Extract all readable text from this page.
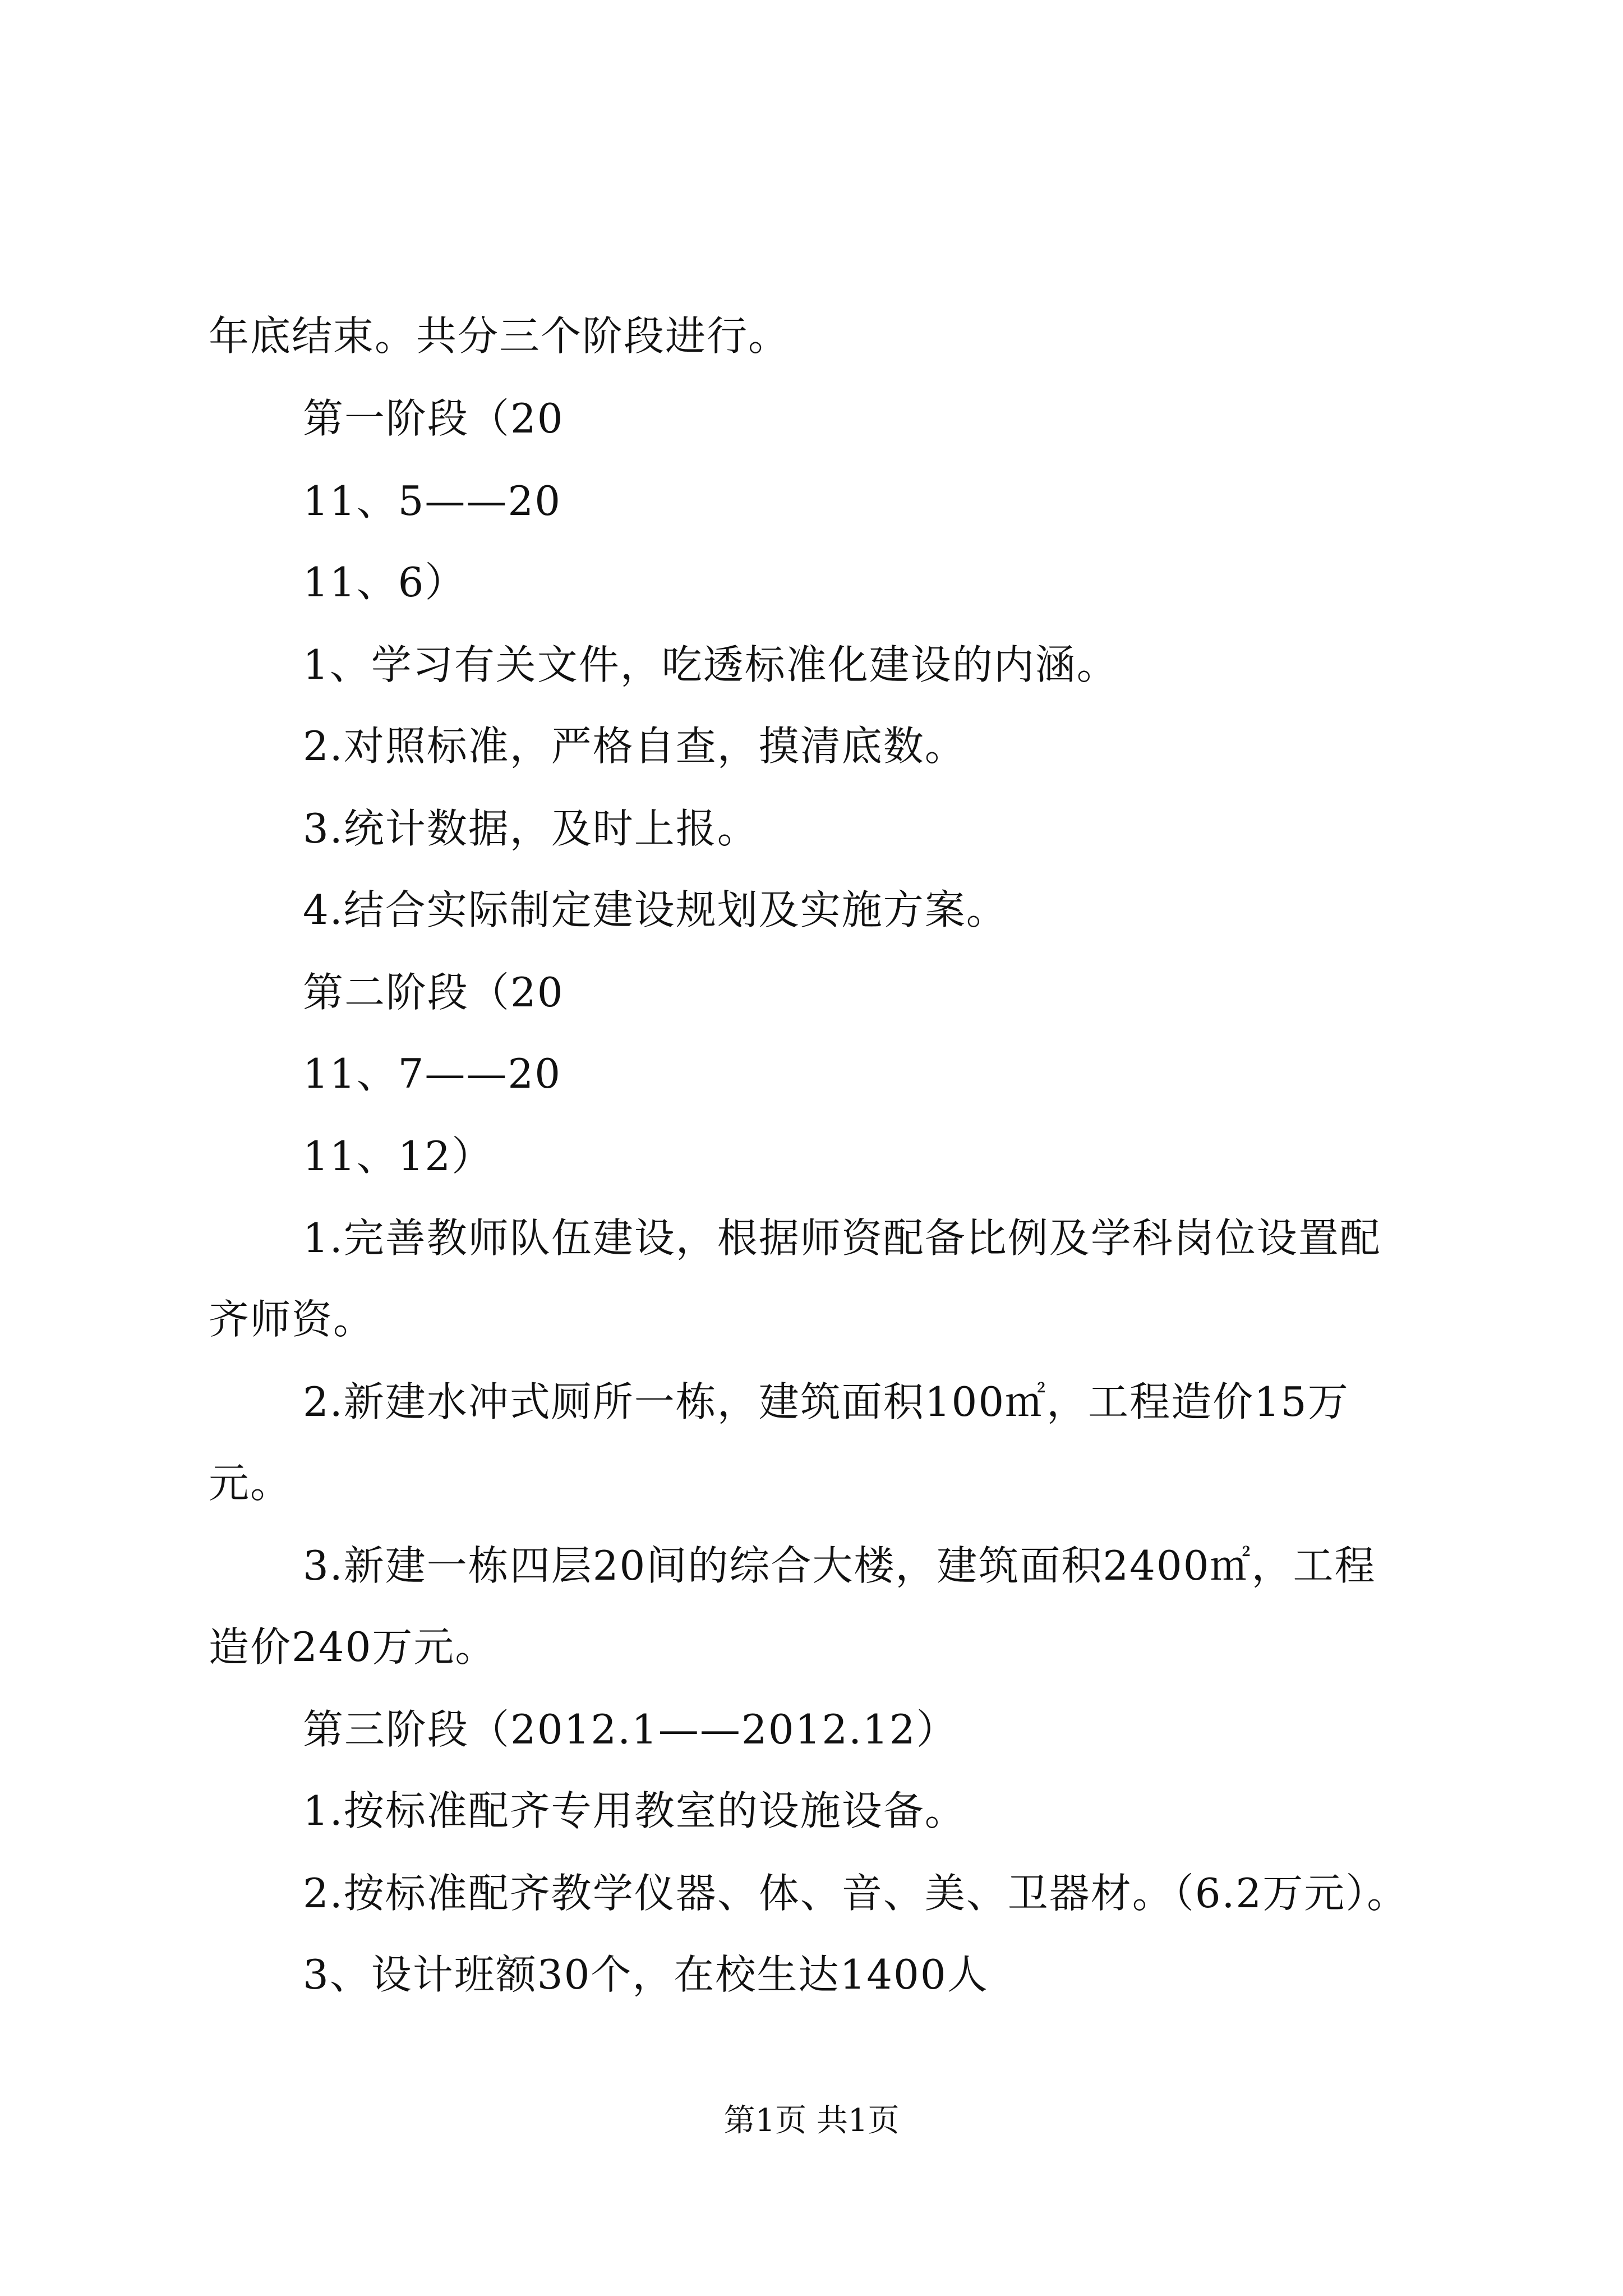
年底结束。共分三个阶段进行。
第一阶段（20
11、5——20
11、6）
1、学习有关文件，吃透标准化建设的内涵。
2.对照标准，严格自查，摸清底数。
3.统计数据，及时上报。
4.结合实际制定建设规划及实施方案。
第二阶段（20
11、7——20
11、12）
1.完善教师队伍建设，根据师资配备比例及学科岗位设置配
齐师资。
2.新建水冲式厕所一栋，建筑面积100㎡，工程造价15万
元。
3.新建一栋四层20间的综合大楼，建筑面积2400㎡，工程
造价240万元。
第三阶段（2012.1——2012.12）
1.按标准配齐专用教室的设施设备。
2.按标准配齐教学仪器、体、音、美、卫器材。（6.2万元）。
3、设计班额30个，在校生达1400人
第1页 共1页
